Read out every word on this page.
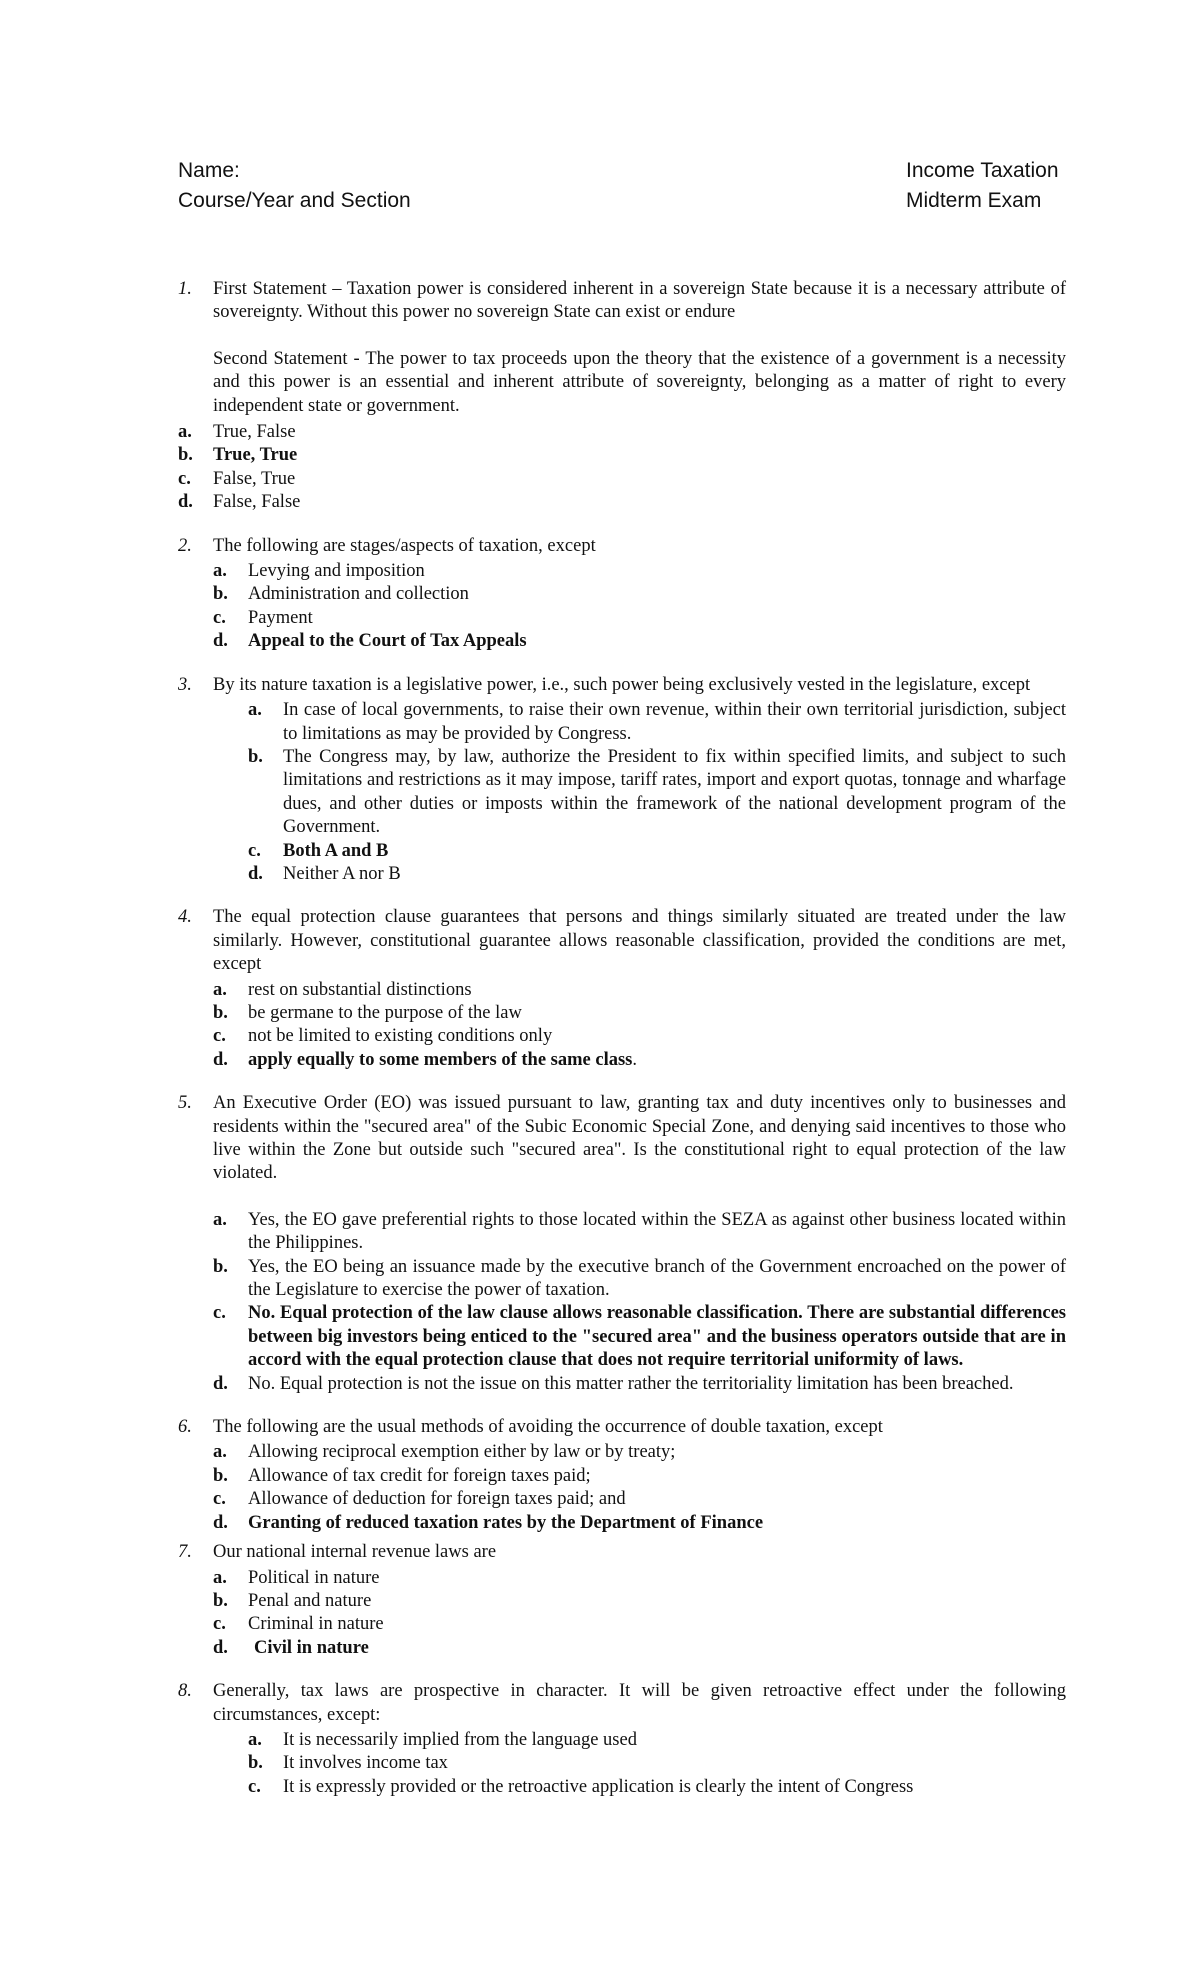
Name:
Course/Year and Section
Income Taxation
Midterm Exam
1. First Statement – Taxation power is considered inherent in a sovereign State because it is a necessary attribute of sovereignty. Without this power no sovereign State can exist or endure
Second Statement - The power to tax proceeds upon the theory that the existence of a government is a necessity and this power is an essential and inherent attribute of sovereignty, belonging as a matter of right to every independent state or government.
a. True, False
b. True, True
c. False, True
d. False, False
2. The following are stages/aspects of taxation, except
a. Levying and imposition
b. Administration and collection
c. Payment
d. Appeal to the Court of Tax Appeals
3. By its nature taxation is a legislative power, i.e., such power being exclusively vested in the legislature, except
a. In case of local governments, to raise their own revenue, within their own territorial jurisdiction, subject to limitations as may be provided by Congress.
b. The Congress may, by law, authorize the President to fix within specified limits, and subject to such limitations and restrictions as it may impose, tariff rates, import and export quotas, tonnage and wharfage dues, and other duties or imposts within the framework of the national development program of the Government.
c. Both A and B
d. Neither A nor B
4. The equal protection clause guarantees that persons and things similarly situated are treated under the law similarly. However, constitutional guarantee allows reasonable classification, provided the conditions are met, except
a. rest on substantial distinctions
b. be germane to the purpose of the law
c. not be limited to existing conditions only
d. apply equally to some members of the same class.
5. An Executive Order (EO) was issued pursuant to law, granting tax and duty incentives only to businesses and residents within the "secured area" of the Subic Economic Special Zone, and denying said incentives to those who live within the Zone but outside such "secured area". Is the constitutional right to equal protection of the law violated.
a. Yes, the EO gave preferential rights to those located within the SEZA as against other business located within the Philippines.
b. Yes, the EO being an issuance made by the executive branch of the Government encroached on the power of the Legislature to exercise the power of taxation.
c. No. Equal protection of the law clause allows reasonable classification. There are substantial differences between big investors being enticed to the "secured area" and the business operators outside that are in accord with the equal protection clause that does not require territorial uniformity of laws.
d. No. Equal protection is not the issue on this matter rather the territoriality limitation has been breached.
6. The following are the usual methods of avoiding the occurrence of double taxation, except
a. Allowing reciprocal exemption either by law or by treaty;
b. Allowance of tax credit for foreign taxes paid;
c. Allowance of deduction for foreign taxes paid; and
d. Granting of reduced taxation rates by the Department of Finance
7. Our national internal revenue laws are
a. Political in nature
b. Penal and nature
c. Criminal in nature
d. Civil in nature
8. Generally, tax laws are prospective in character. It will be given retroactive effect under the following circumstances, except:
a. It is necessarily implied from the language used
b. It involves income tax
c. It is expressly provided or the retroactive application is clearly the intent of Congress
